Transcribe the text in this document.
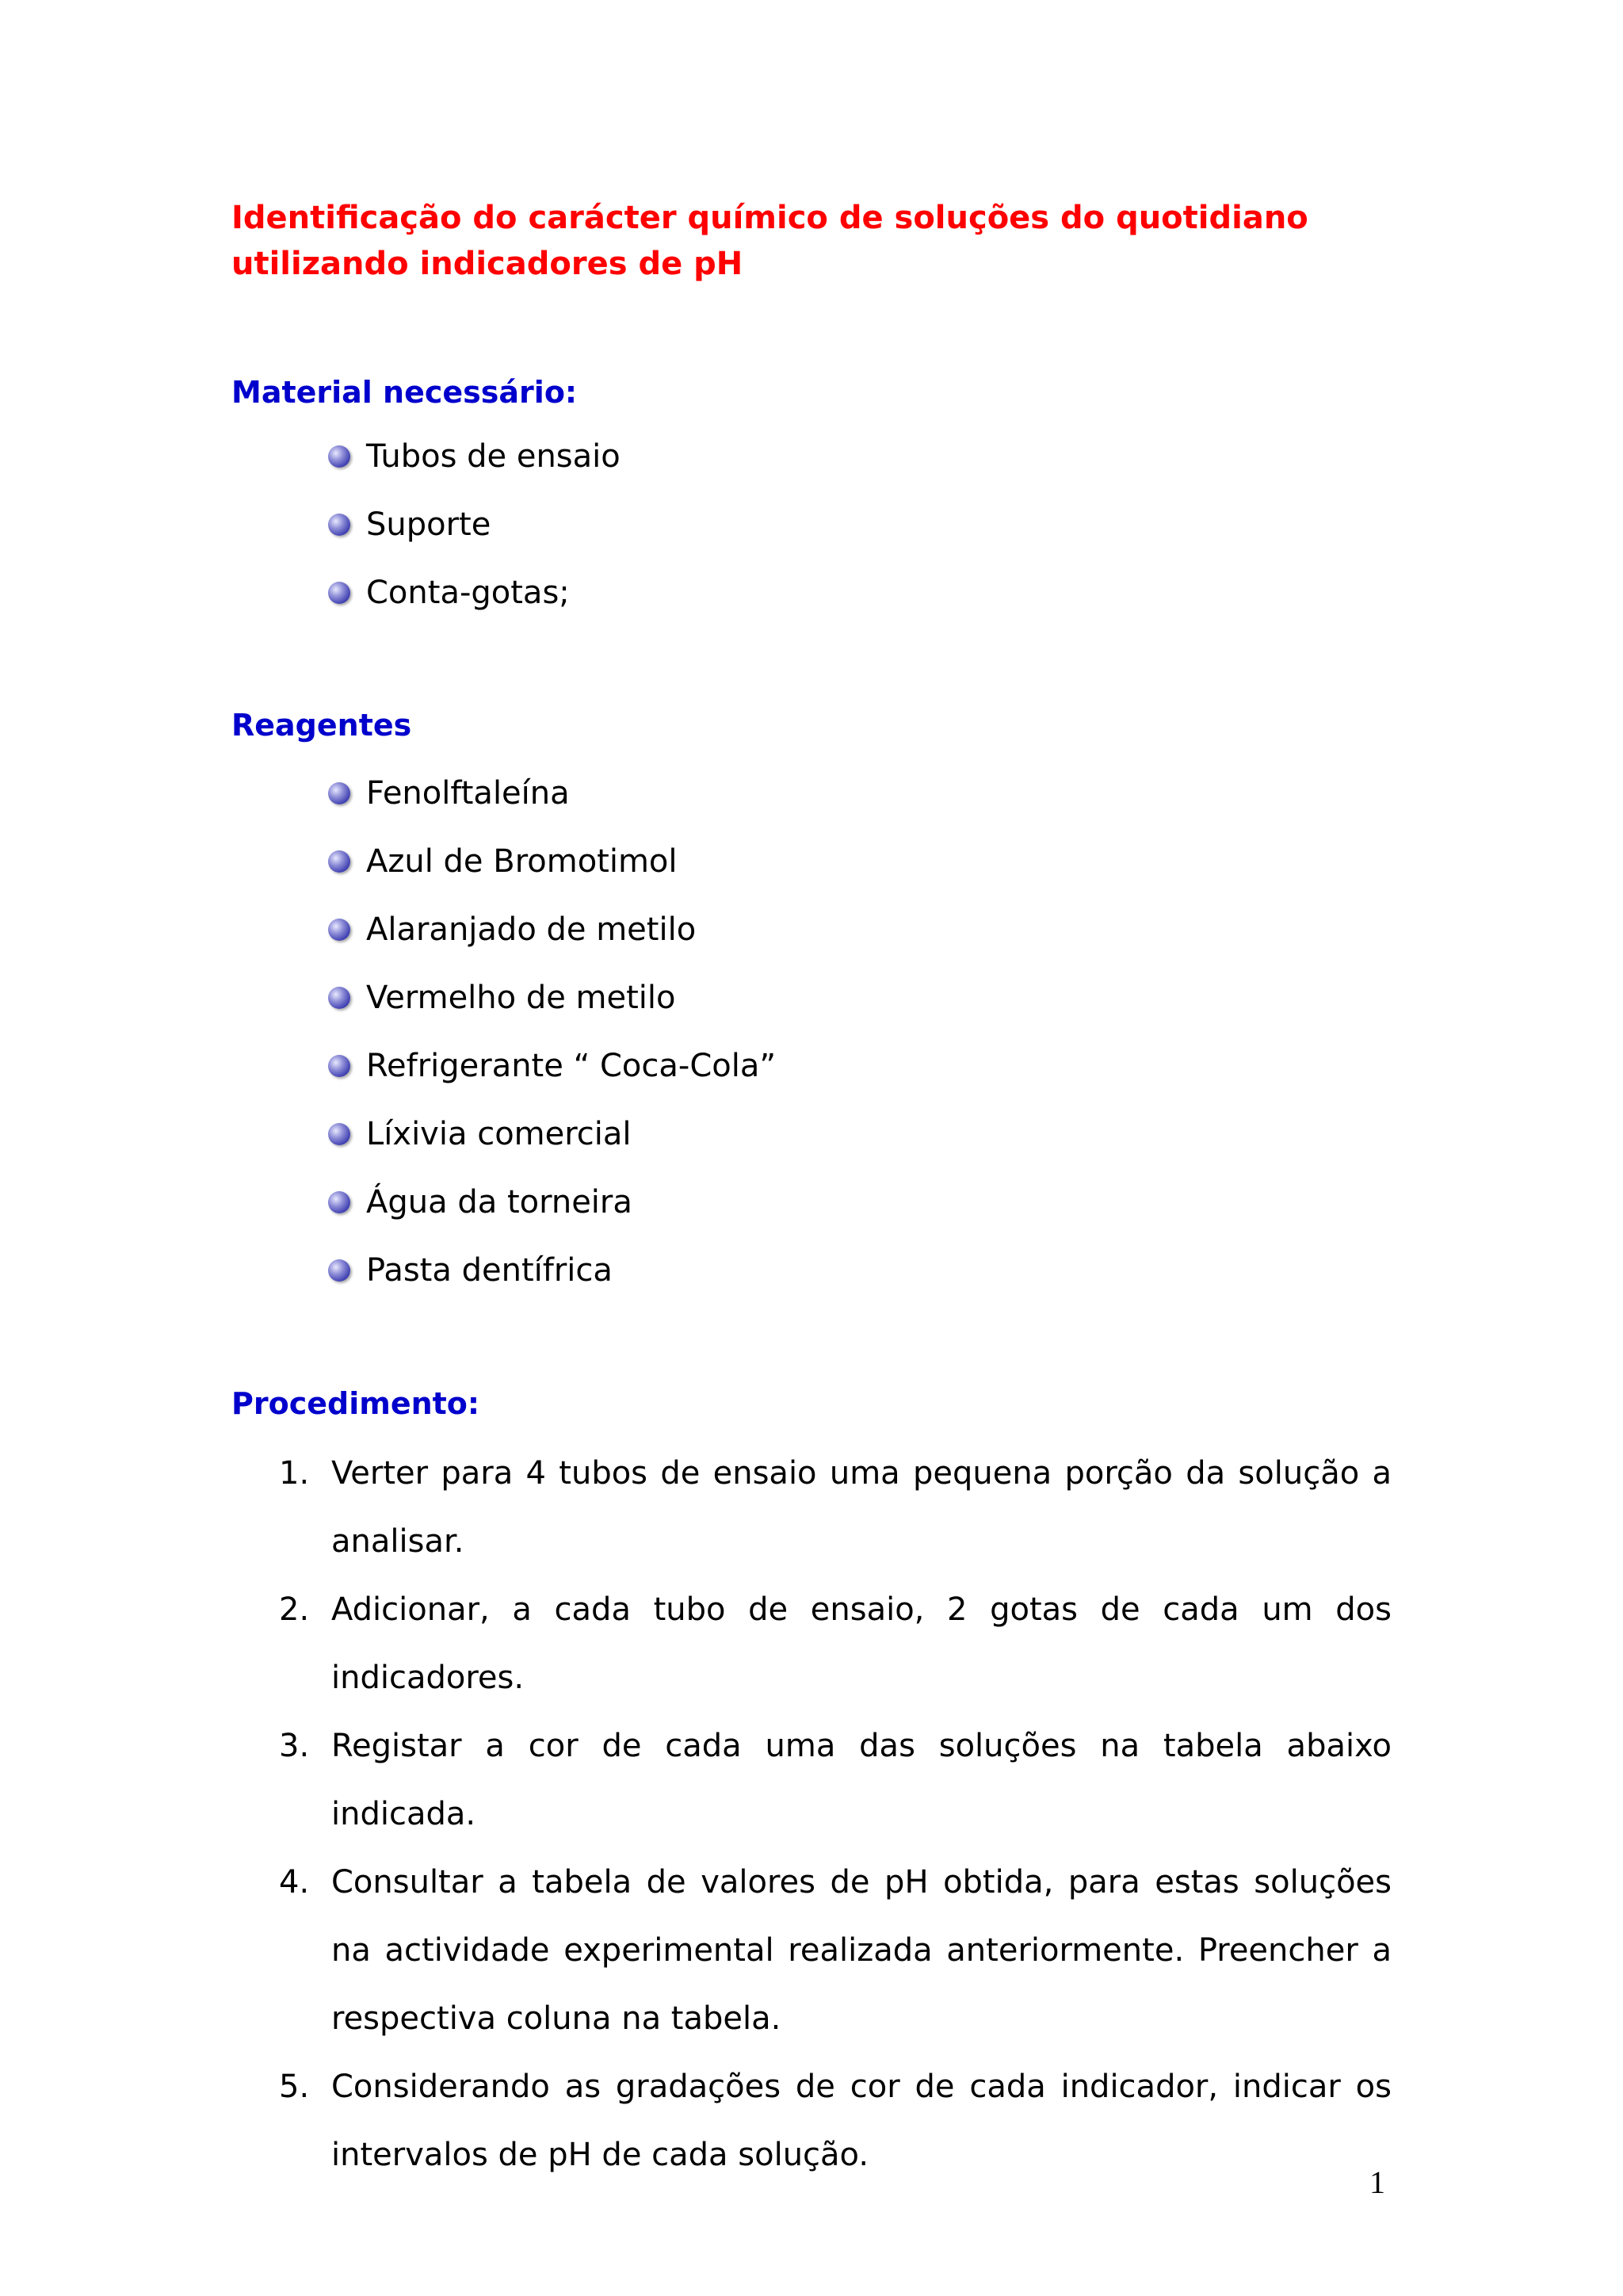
Identificação do carácter químico de soluções do quotidiano utilizando indicadores de pH
Material necessário:
Tubos de ensaio
Suporte
Conta-gotas;
Reagentes
Fenolftaleína
Azul de Bromotimol
Alaranjado de metilo
Vermelho de metilo
Refrigerante “ Coca-Cola”
Líxivia comercial
Água da torneira
Pasta dentífrica
Procedimento:
1. Verter para 4 tubos de ensaio uma pequena porção da solução a analisar.
2. Adicionar, a cada tubo de ensaio, 2 gotas de cada um dos indicadores.
3. Registar a cor de cada uma das soluções na tabela abaixo indicada.
4. Consultar a tabela de valores de pH obtida, para estas soluções na actividade experimental realizada anteriormente. Preencher a respectiva coluna na tabela.
5. Considerando as gradações de cor de cada indicador, indicar os intervalos de pH de cada solução.
1
